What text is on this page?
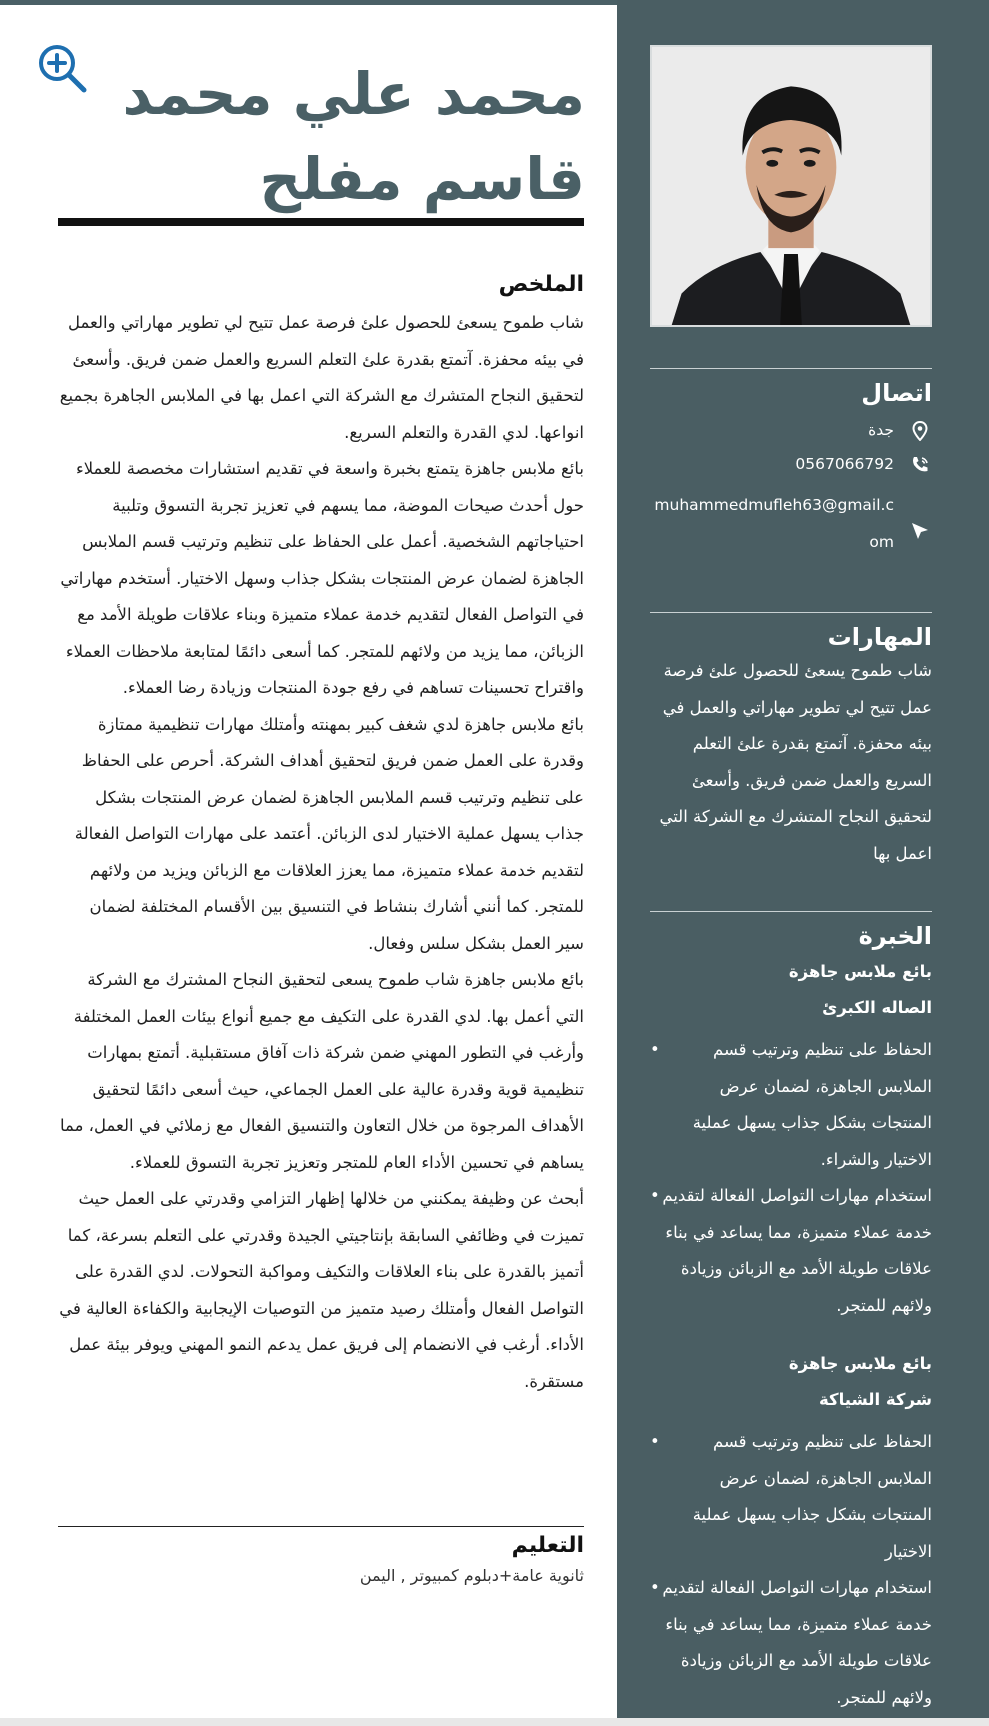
محمد علي محمد
قاسم مفلح
الملخص

شاب طموح يسعئ للحصول علئ فرصة عمل تتيح لي تطوير مهاراتي والعمل في بيئه محفزة. آتمتع بقدرة علئ التعلم السريع والعمل ضمن فريق. وأسعئ لتحقيق النجاح المتشرك مع الشركة التي اعمل بها في الملابس الجاهرة بجميع انواعها. لدي القدرة والتعلم السريع.

بائع ملابس جاهزة يتمتع بخبرة واسعة في تقديم استشارات مخصصة للعملاء حول أحدث صيحات الموضة، مما يسهم في تعزيز تجربة التسوق وتلبية احتياجاتهم الشخصية. أعمل على الحفاظ على تنظيم وترتيب قسم الملابس الجاهزة لضمان عرض المنتجات بشكل جذاب وسهل الاختيار. أستخدم مهاراتي في التواصل الفعال لتقديم خدمة عملاء متميزة وبناء علاقات طويلة الأمد مع الزبائن، مما يزيد من ولائهم للمتجر. كما أسعى دائمًا لمتابعة ملاحظات العملاء واقتراح تحسينات تساهم في رفع جودة المنتجات وزيادة رضا العملاء.

بائع ملابس جاهزة لدي شغف كبير بمهنته وأمتلك مهارات تنظيمية ممتازة وقدرة على العمل ضمن فريق لتحقيق أهداف الشركة. أحرص على الحفاظ على تنظيم وترتيب قسم الملابس الجاهزة لضمان عرض المنتجات بشكل جذاب يسهل عملية الاختيار لدى الزبائن. أعتمد على مهارات التواصل الفعالة لتقديم خدمة عملاء متميزة، مما يعزز العلاقات مع الزبائن ويزيد من ولائهم للمتجر. كما أنني أشارك بنشاط في التنسيق بين الأقسام المختلفة لضمان سير العمل بشكل سلس وفعال.

بائع ملابس جاهزة شاب طموح يسعى لتحقيق النجاح المشترك مع الشركة التي أعمل بها. لدي القدرة على التكيف مع جميع أنواع بيئات العمل المختلفة وأرغب في التطور المهني ضمن شركة ذات آفاق مستقبلية. أتمتع بمهارات تنظيمية قوية وقدرة عالية على العمل الجماعي، حيث أسعى دائمًا لتحقيق الأهداف المرجوة من خلال التعاون والتنسيق الفعال مع زملائي في العمل، مما يساهم في تحسين الأداء العام للمتجر وتعزيز تجربة التسوق للعملاء.

أبحث عن وظيفة يمكنني من خلالها إظهار التزامي وقدرتي على العمل حيث تميزت في وظائفي السابقة بإنتاجيتي الجيدة وقدرتي على التعلم بسرعة، كما أتميز بالقدرة على بناء العلاقات والتكيف ومواكبة التحولات. لدي القدرة على التواصل الفعال وأمتلك رصيد متميز من التوصيات الإيجابية والكفاءة العالية في الأداء. أرغب في الانضمام إلى فريق عمل يدعم النمو المهني ويوفر بيئة عمل مستقرة.

التعليم
ثانوية عامة+دبلوم كمبيوتر , اليمن
اتصال
جدة
0567066792
muhammedmufleh63@gmail.com
المهارات
شاب طموح يسعئ للحصول علئ فرصة عمل تتيح لي تطوير مهاراتي والعمل في بيئه محفزة. آتمتع بقدرة علئ التعلم السريع والعمل ضمن فريق. وأسعئ لتحقيق النجاح المتشرك مع الشركة التي اعمل بها
الخبرة
بائع ملابس جاهزة
الصاله الكبرئ
•	الحفاظ على تنظيم وترتيب قسم الملابس الجاهزة، لضمان عرض المنتجات بشكل جذاب يسهل عملية الاختيار والشراء.
• استخدام مهارات التواصل الفعالة لتقديم خدمة عملاء متميزة، مما يساعد في بناء علاقات طويلة الأمد مع الزبائن وزيادة ولائهم للمتجر.
بائع ملابس جاهزة
شركة الشياكة
•	الحفاظ على تنظيم وترتيب قسم الملابس الجاهزة، لضمان عرض المنتجات بشكل جذاب يسهل عملية الاختيار
• استخدام مهارات التواصل الفعالة لتقديم خدمة عملاء متميزة، مما يساعد في بناء علاقات طويلة الأمد مع الزبائن وزيادة ولائهم للمتجر.
